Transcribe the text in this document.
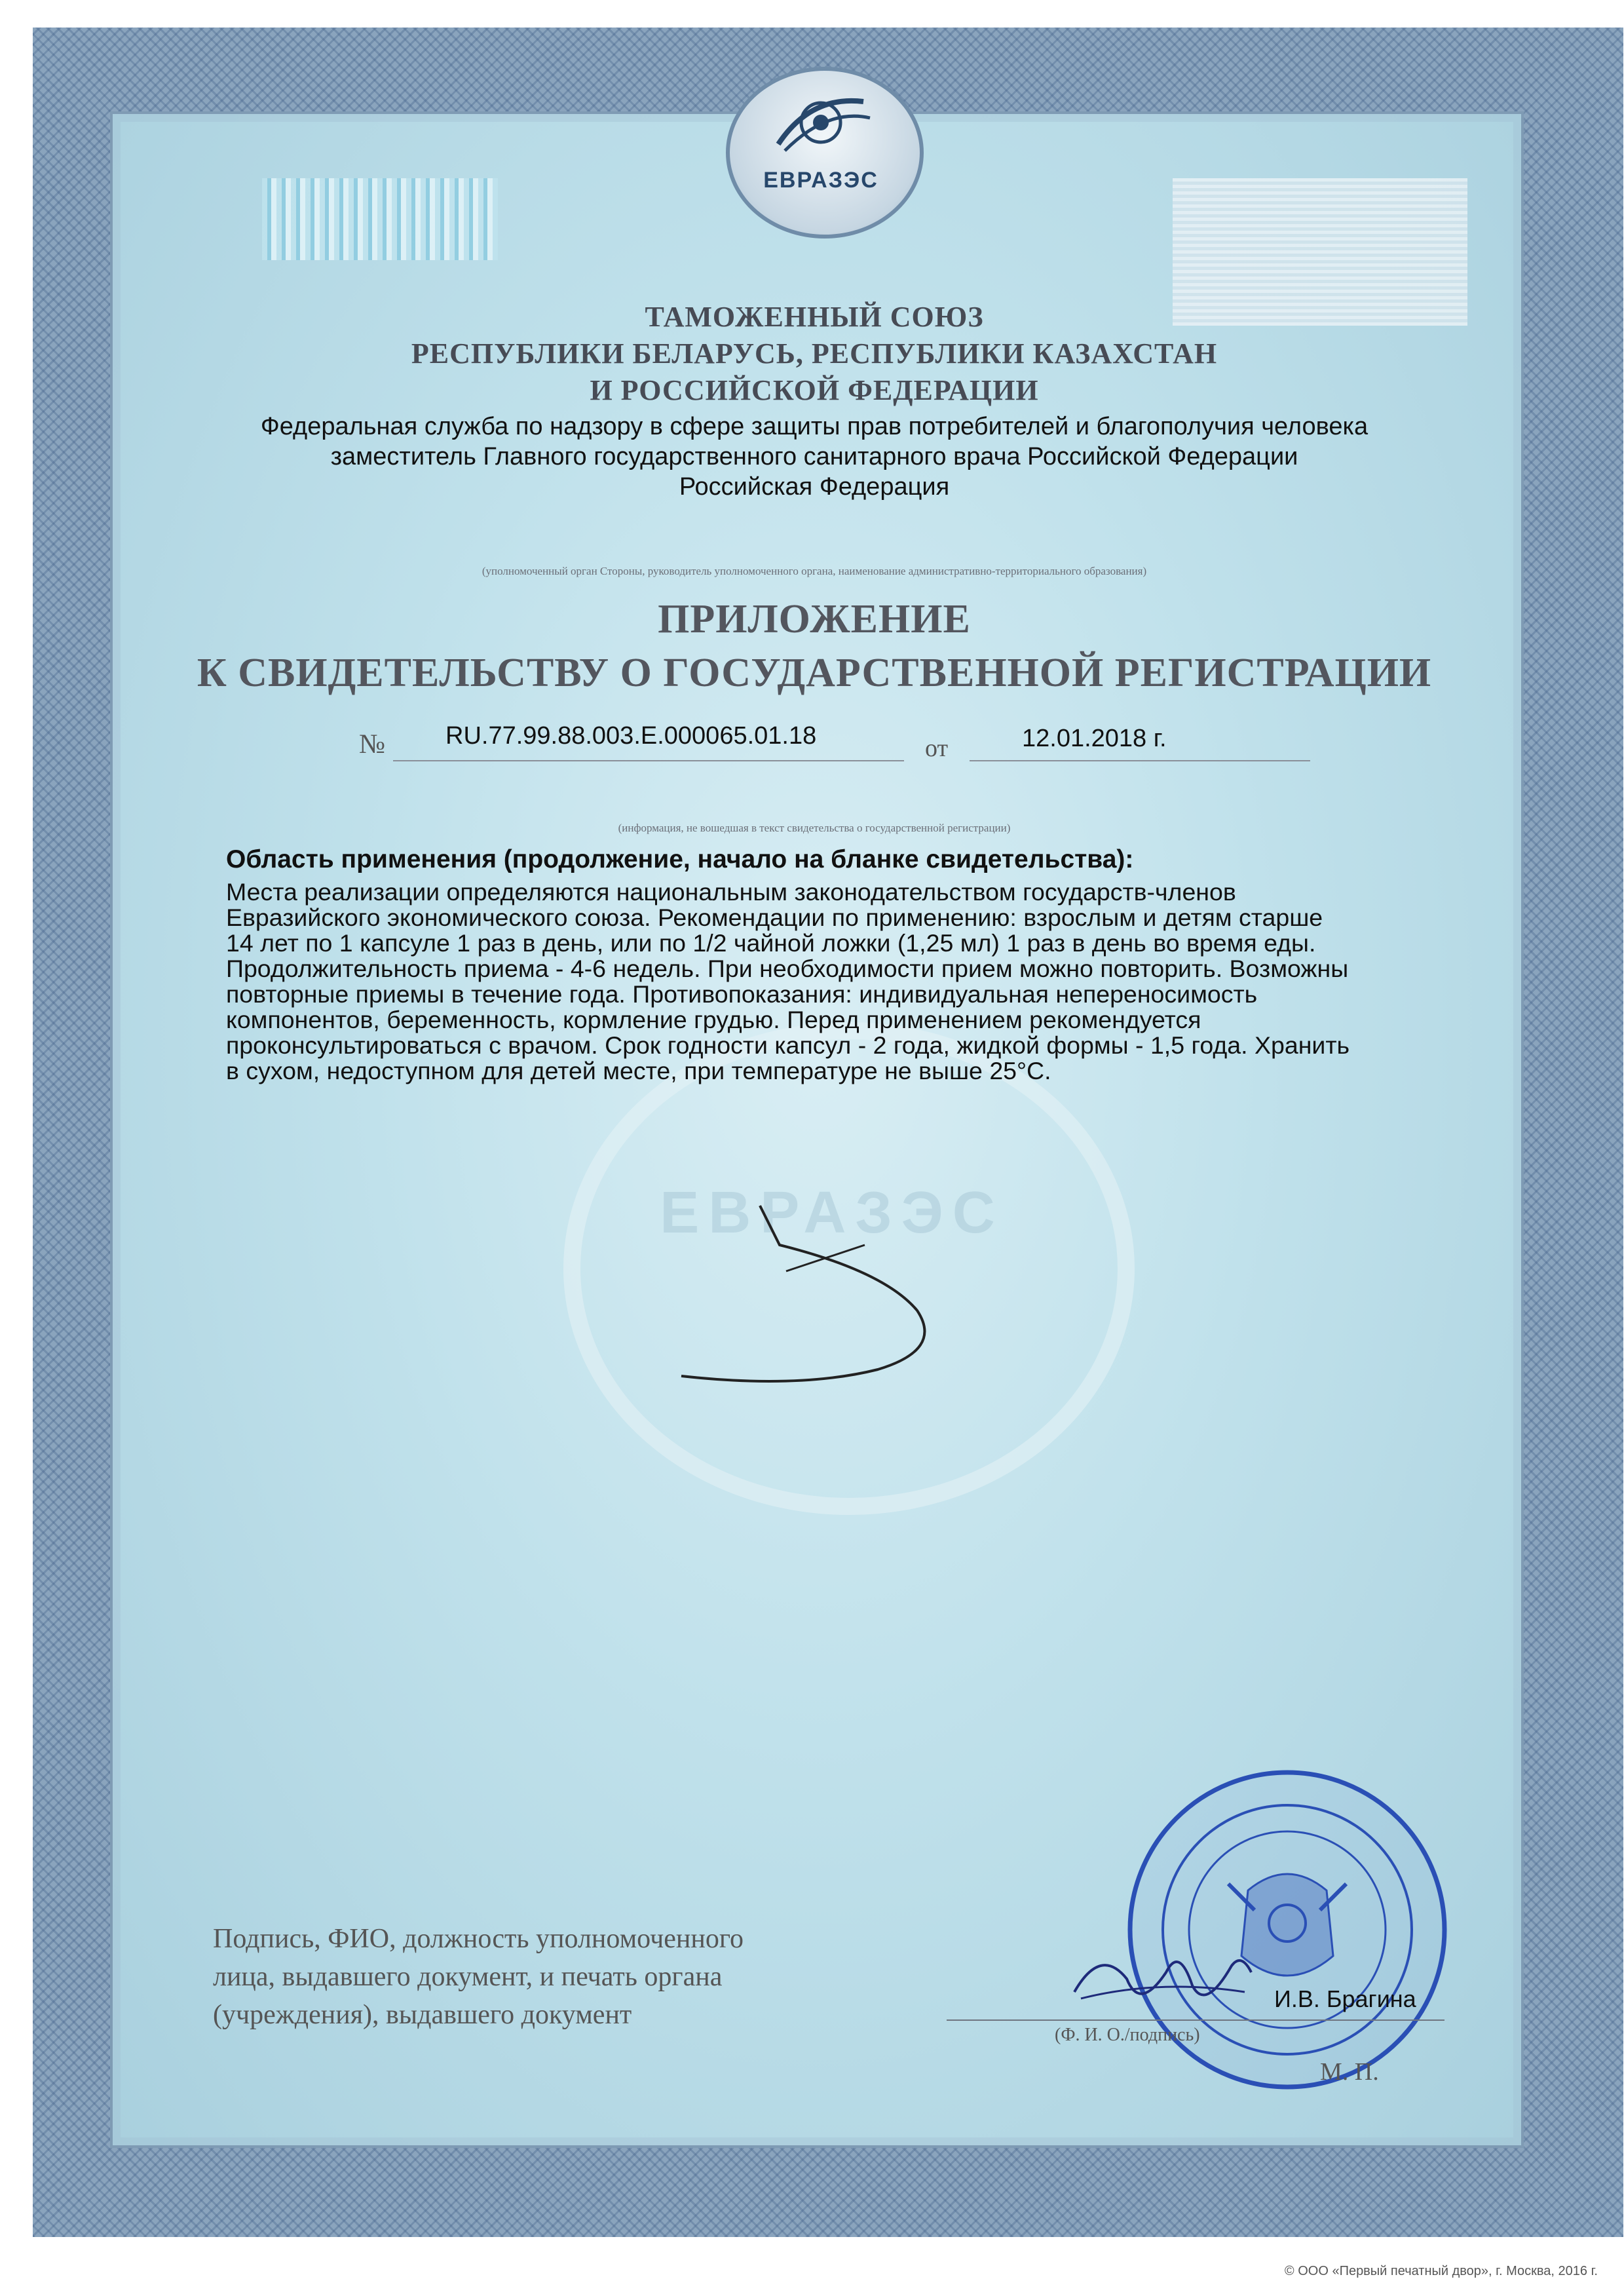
ЕВРАЗЭС
ЕВРАЗЭС
ТАМОЖЕННЫЙ СОЮЗ
РЕСПУБЛИКИ БЕЛАРУСЬ, РЕСПУБЛИКИ КАЗАХСТАН
И РОССИЙСКОЙ ФЕДЕРАЦИИ
Федеральная служба по надзору в сфере защиты прав потребителей и благополучия человека
заместитель Главного государственного санитарного врача Российской Федерации
Российская Федерация
(уполномоченный орган Стороны, руководитель уполномоченного органа, наименование административно-территориального образования)
ПРИЛОЖЕНИЕ
К СВИДЕТЕЛЬСТВУ О ГОСУДАРСТВЕННОЙ РЕГИСТРАЦИИ
№ RU.77.99.88.003.E.000065.01.18	от	12.01.2018 г.
(информация, не вошедшая в текст свидетельства о государственной регистрации)
Область применения (продолжение, начало на бланке свидетельства):

Места реализации определяются национальным законодательством государств-членов
Евразийского экономического союза. Рекомендации по применению: взрослым и детям старше
14 лет по 1 капсуле 1 раз в день, или по 1/2 чайной ложки (1,25 мл) 1 раз в день во время еды.
Продолжительность приема - 4-6 недель. При необходимости прием можно повторить. Возможны
повторные приемы в течение года. Противопоказания: индивидуальная непереносимость
компонентов, беременность, кормление грудью. Перед применением рекомендуется
проконсультироваться с врачом. Срок годности капсул - 2 года, жидкой формы - 1,5 года. Хранить
в сухом, недоступном для детей месте, при температуре не выше 25°С.

Подпись, ФИО, должность уполномоченного
лица, выдавшего документ, и печать органа
(учреждения), выдавшего документ

И.В. Брагина
(Ф. И. О./подпись)
М. П.
© ООО «Первый печатный двор», г. Москва, 2016 г.
